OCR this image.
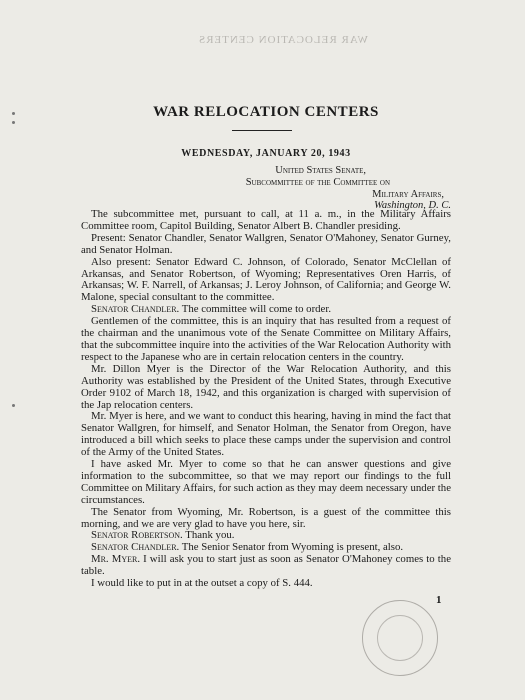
WAR RELOCATION CENTERS
WAR RELOCATION CENTERS
WEDNESDAY, JANUARY 20, 1943
United States Senate,
Subcommittee of the Committee on
Military Affairs,
Washington, D. C.

The subcommittee met, pursuant to call, at 11 a. m., in the Military Affairs Committee room, Capitol Building, Senator Albert B. Chandler presiding.

Present: Senator Chandler, Senator Wallgren, Senator O'Mahoney, Senator Gurney, and Senator Holman.

Also present: Senator Edward C. Johnson, of Colorado, Senator McClellan of Arkansas, and Senator Robertson, of Wyoming; Representatives Oren Harris, of Arkansas; W. F. Narrell, of Arkansas; J. Leroy Johnson, of California; and George W. Malone, special consultant to the committee.

Senator Chandler. The committee will come to order.

Gentlemen of the committee, this is an inquiry that has resulted from a request of the chairman and the unanimous vote of the Senate Committee on Military Affairs, that the subcommittee inquire into the activities of the War Relocation Authority with respect to the Japanese who are in certain relocation centers in the country.

Mr. Dillon Myer is the Director of the War Relocation Authority, and this Authority was established by the President of the United States, through Executive Order 9102 of March 18, 1942, and this organization is charged with supervision of the Jap relocation centers.

Mr. Myer is here, and we want to conduct this hearing, having in mind the fact that Senator Wallgren, for himself, and Senator Holman, the Senator from Oregon, have introduced a bill which seeks to place these camps under the supervision and control of the Army of the United States.

I have asked Mr. Myer to come so that he can answer questions and give information to the subcommittee, so that we may report our findings to the full Committee on Military Affairs, for such action as they may deem necessary under the circumstances.

The Senator from Wyoming, Mr. Robertson, is a guest of the committee this morning, and we are very glad to have you here, sir.

Senator Robertson. Thank you.

Senator Chandler. The Senior Senator from Wyoming is present, also.

Mr. Myer. I will ask you to start just as soon as Senator O'Mahoney comes to the table.

I would like to put in at the outset a copy of S. 444.

1
